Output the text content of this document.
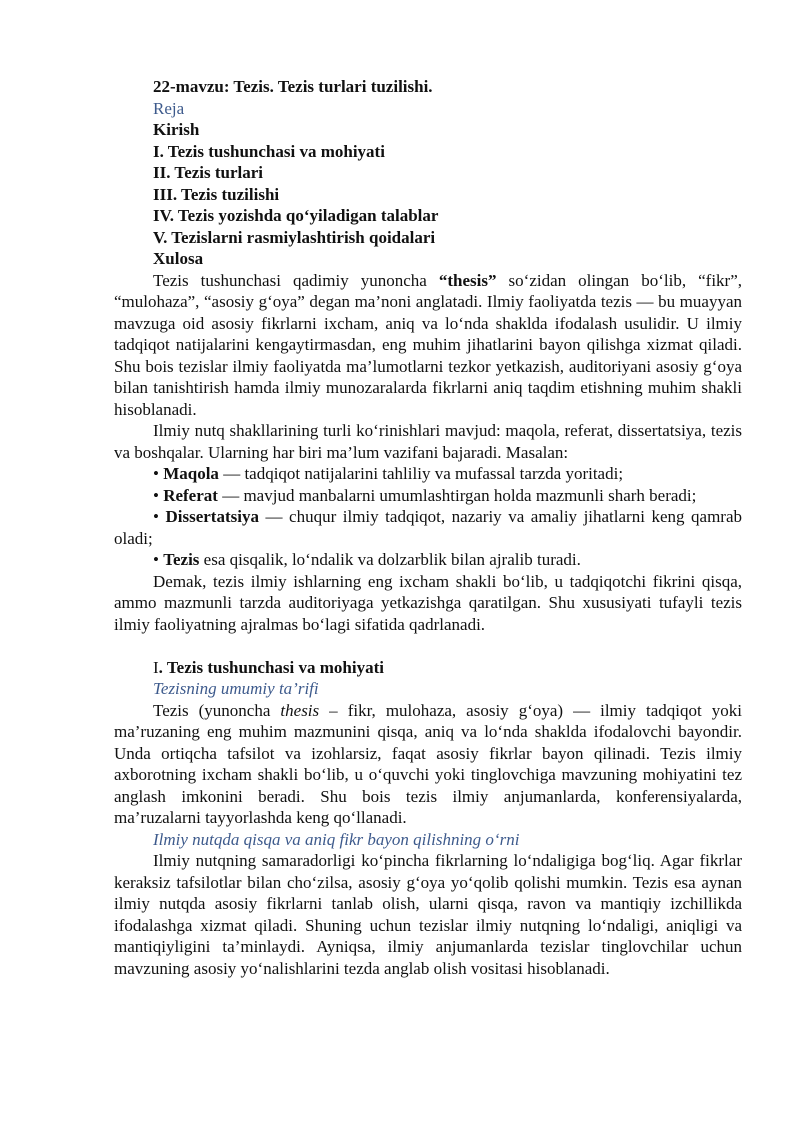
22-mavzu: Tezis. Tezis turlari tuzilishi.
Reja
Kirish
I. Tezis tushunchasi va mohiyati
II. Tezis turlari
III. Tezis tuzilishi
IV. Tezis yozishda qo‘yiladigan talablar
V. Tezislarni rasmiylashtirish qoidalari
Xulosa

Tezis tushunchasi qadimiy yunoncha “thesis” so‘zidan olingan bo‘lib, “fikr”, “mulohaza”, “asosiy g‘oya” degan ma’noni anglatadi. Ilmiy faoliyatda tezis — bu muayyan mavzuga oid asosiy fikrlarni ixcham, aniq va lo‘nda shaklda ifodalash usulidir. U ilmiy tadqiqot natijalarini kengaytirmasdan, eng muhim jihatlarini bayon qilishga xizmat qiladi. Shu bois tezislar ilmiy faoliyatda ma’lumotlarni tezkor yetkazish, auditoriyani asosiy g‘oya bilan tanishtirish hamda ilmiy munozaralarda fikrlarni aniq taqdim etishning muhim shakli hisoblanadi.

Ilmiy nutq shakllarining turli ko‘rinishlari mavjud: maqola, referat, dissertatsiya, tezis va boshqalar. Ularning har biri ma’lum vazifani bajaradi. Masalan:

• Maqola — tadqiqot natijalarini tahliliy va mufassal tarzda yoritadi;

• Referat — mavjud manbalarni umumlashtirgan holda mazmunli sharh beradi;

• Dissertatsiya — chuqur ilmiy tadqiqot, nazariy va amaliy jihatlarni keng qamrab oladi;

• Tezis esa qisqalik, lo‘ndalik va dolzarblik bilan ajralib turadi.

Demak, tezis ilmiy ishlarning eng ixcham shakli bo‘lib, u tadqiqotchi fikrini qisqa, ammo mazmunli tarzda auditoriyaga yetkazishga qaratilgan. Shu xususiyati tufayli tezis ilmiy faoliyatning ajralmas bo‘lagi sifatida qadrlanadi.

I. Tezis tushunchasi va mohiyati
Tezisning umumiy ta’rifi

Tezis (yunoncha thesis – fikr, mulohaza, asosiy g‘oya) — ilmiy tadqiqot yoki ma’ruzaning eng muhim mazmunini qisqa, aniq va lo‘nda shaklda ifodalovchi bayondir. Unda ortiqcha tafsilot va izohlarsiz, faqat asosiy fikrlar bayon qilinadi. Tezis ilmiy axborotning ixcham shakli bo‘lib, u o‘quvchi yoki tinglovchiga mavzuning mohiyatini tez anglash imkonini beradi. Shu bois tezis ilmiy anjumanlarda, konferensiyalarda, ma’ruzalarni tayyorlashda keng qo‘llanadi.

Ilmiy nutqda qisqa va aniq fikr bayon qilishning o‘rni

Ilmiy nutqning samaradorligi ko‘pincha fikrlarning lo‘ndaligiga bog‘liq. Agar fikrlar keraksiz tafsilotlar bilan cho‘zilsa, asosiy g‘oya yo‘qolib qolishi mumkin. Tezis esa aynan ilmiy nutqda asosiy fikrlarni tanlab olish, ularni qisqa, ravon va mantiqiy izchillikda ifodalashga xizmat qiladi. Shuning uchun tezislar ilmiy nutqning lo‘ndaligi, aniqligi va mantiqiyligini ta’minlaydi. Ayniqsa, ilmiy anjumanlarda tezislar tinglovchilar uchun mavzuning asosiy yo‘nalishlarini tezda anglab olish vositasi hisoblanadi.
